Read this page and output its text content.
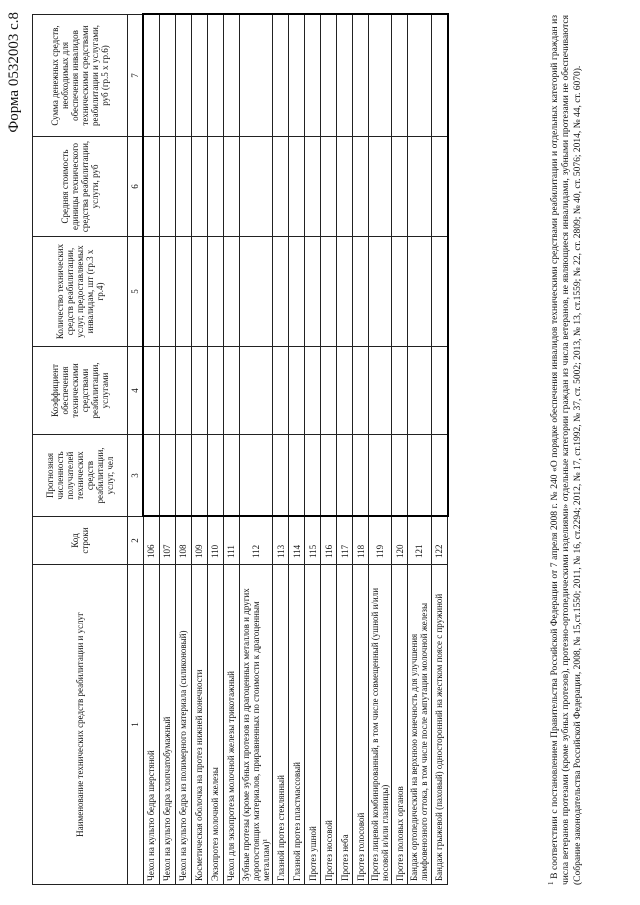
Форма 0532003 с.8
Наименование технических средств реабилитации и услуг	Код строки	Прогнозная численность получателей технических средств реабилитации, услуг, чел	Коэффициент обеспечения техническими средствами реабилитации, услугами	Количество технических средств реабилитации, услуг, предоставляемых инвалидам, шт (гр.3 х гр.4)	Средняя стоимость единицы технического средства реабилитации, услуги, руб	Сумма денежных средств, необходимых для обеспечения инвалидов техническими средствами реабилитации и услугами, руб (гр.5 х гр.6)
1	2	3	4	5	6	7
Чехол на культю бедра шерстяной	106					
Чехол на культю бедра хлопчатобумажный	107					
Чехол на культю бедра из полимерного материала (силиконовый)	108					
Косметическая оболочка на протез нижней конечности	109					
Экзопротез молочной железы	110					
Чехол для экзопротеза молочной железы трикотажный	111					
Зубные протезы (кроме зубных протезов из драгоценных металлов и других дорогостоящих материалов, приравненных по стоимости к драгоценным металлам)¹	112					
Глазной протез стеклянный	113					
Глазной протез пластмассовый	114					
Протез ушной	115					
Протез носовой	116					
Протез неба	117					
Протез голосовой	118					
Протез лицевой комбинированный, в том числе совмещенный (ушной и/или носовой и/или глазницы)	119					
Протез половых органов	120					
Бандаж ортопедический на верхнюю конечность для улучшения лимфовенозного оттока, в том числе после ампутации молочной железы	121					
Бандаж грыжевой (паховый) односторонний на жестком поясе с пружиной	122					
$^1$ В соответствии с постановлением Правительства Российской Федерации от 7 апреля 2008 г. № 240 «О порядке обеспечения инвалидов техническими средствами реабилитации и отдельных категорий граждан из числа ветеранов протезами (кроме зубных протезов), протезно-ортопедическими изделиями» отдельные категории граждан из числа ветеранов, не являющиеся инвалидами, зубными протезами не обеспечиваются (Собрание законодательства Российской Федерации, 2008, № 15,ст.1550; 2011, № 16, ст.2294; 2012, № 17, ст.1992, № 37, ст. 5002; 2013, № 13, ст.1559; № 22, ст. 2809; № 40, ст. 5076; 2014, № 44, ст. 6070).
